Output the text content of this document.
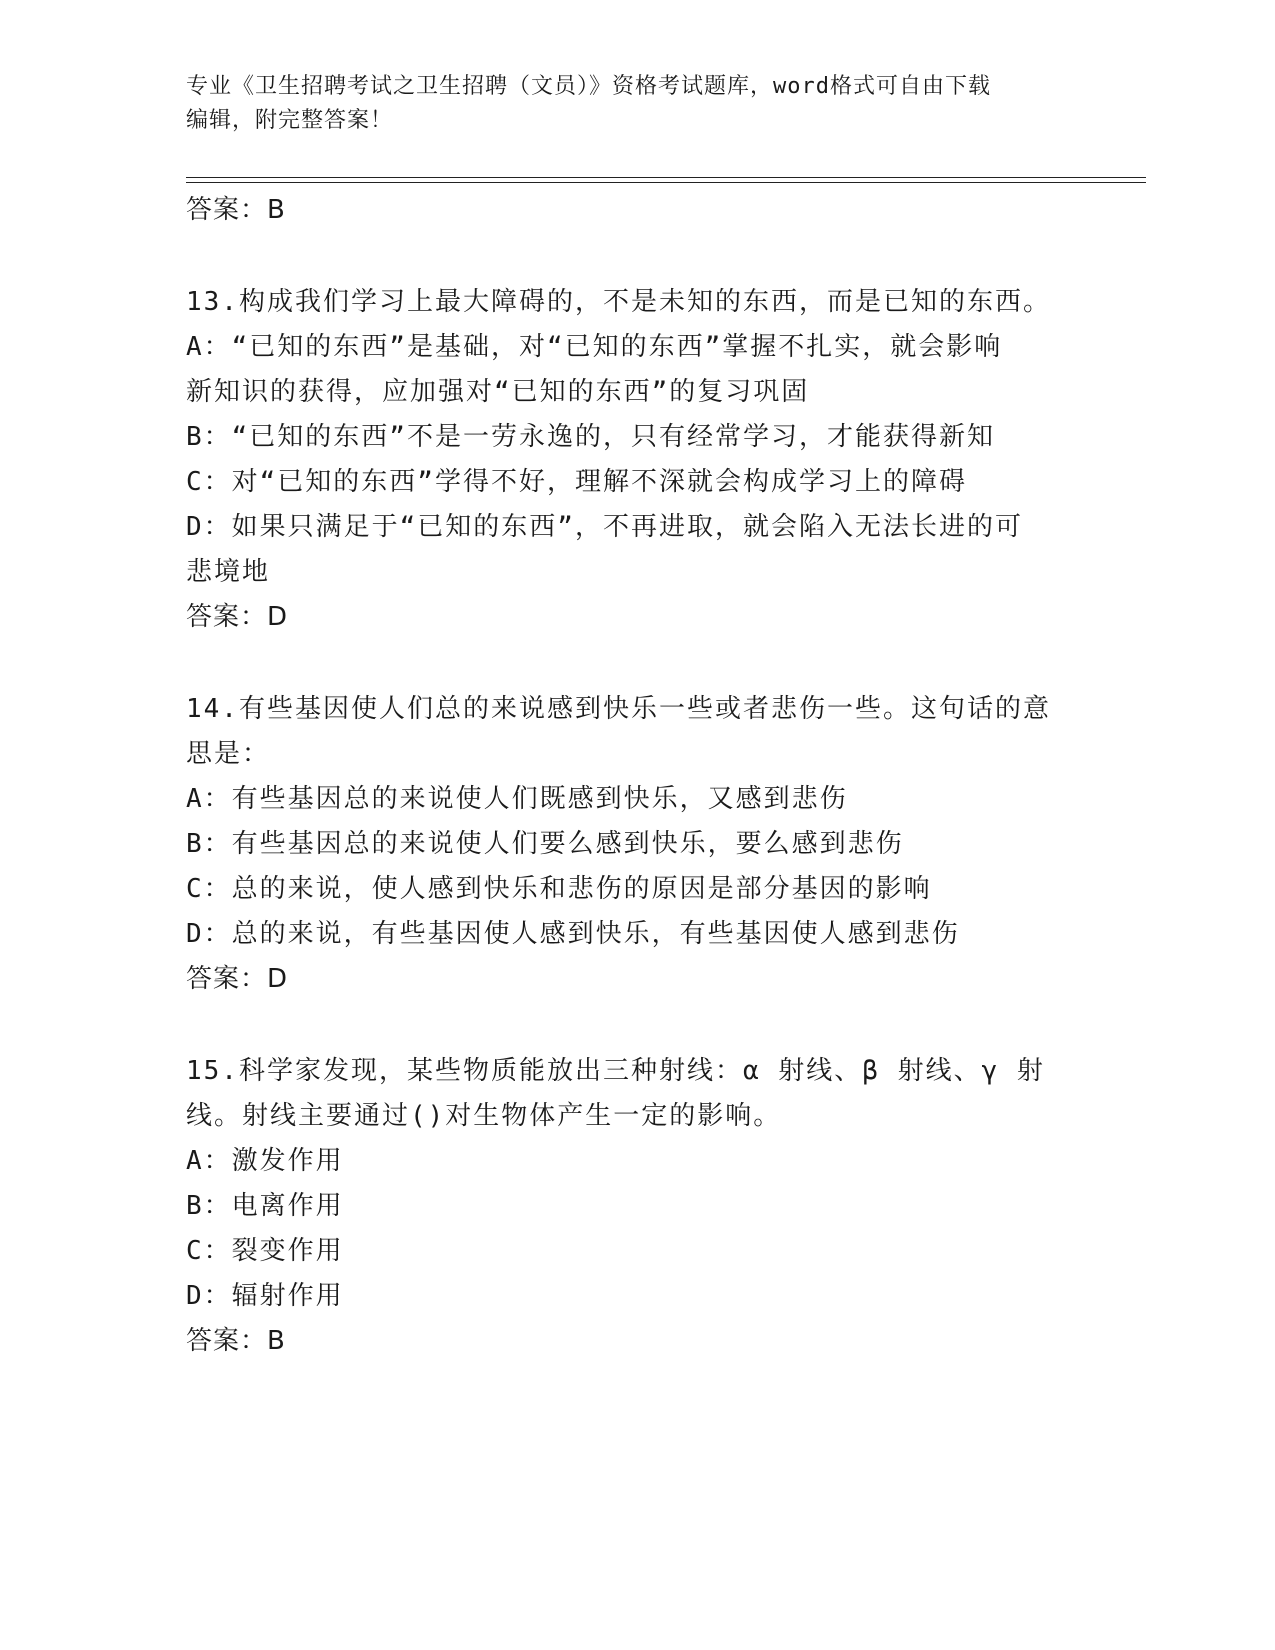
专业《卫生招聘考试之卫生招聘（文员）》资格考试题库，word格式可自由下载
编辑，附完整答案！
答案：B
13.构成我们学习上最大障碍的，不是未知的东西，而是已知的东西。
A：“已知的东西”是基础，对“已知的东西”掌握不扎实，就会影响
新知识的获得，应加强对“已知的东西”的复习巩固
B：“已知的东西”不是一劳永逸的，只有经常学习，才能获得新知
C：对“已知的东西”学得不好，理解不深就会构成学习上的障碍
D：如果只满足于“已知的东西”，不再进取，就会陷入无法长进的可
悲境地
答案：D
14.有些基因使人们总的来说感到快乐一些或者悲伤一些。这句话的意
思是：
A：有些基因总的来说使人们既感到快乐，又感到悲伤
B：有些基因总的来说使人们要么感到快乐，要么感到悲伤
C：总的来说，使人感到快乐和悲伤的原因是部分基因的影响
D：总的来说，有些基因使人感到快乐，有些基因使人感到悲伤
答案：D
15.科学家发现，某些物质能放出三种射线：α 射线、β 射线、γ 射
线。射线主要通过()对生物体产生一定的影响。
A：激发作用
B：电离作用
C：裂变作用
D：辐射作用
答案：B
